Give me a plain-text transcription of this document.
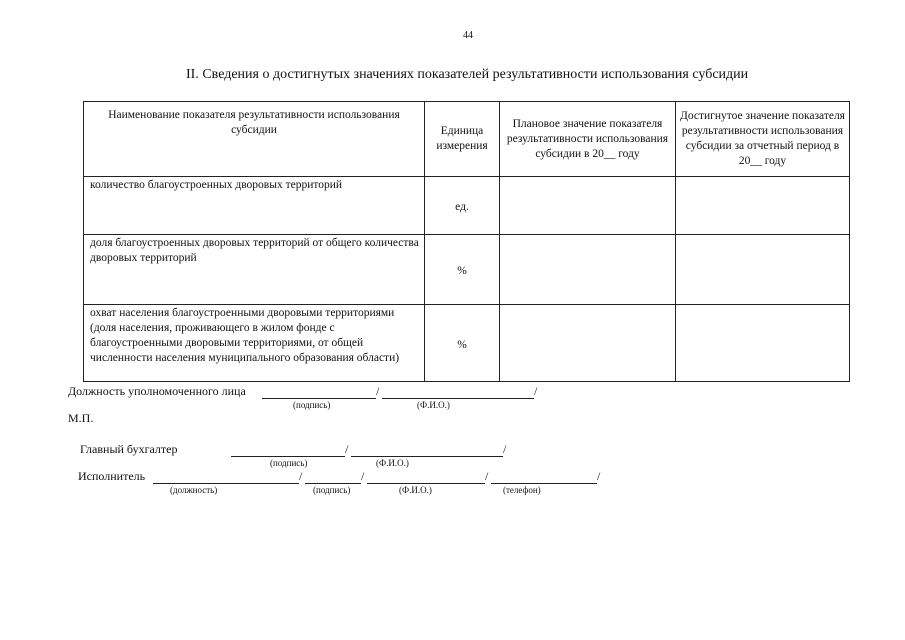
44
II. Сведения о достигнутых значениях показателей результативности использования субсидии
Наименование показателя результативности использования субсидии	Единица измерения	Плановое значение показателя результативности использования субсидии в 20__ году	Достигнутое значение показателя результативности использования субсидии за отчетный период в 20__ году
количество благоустроенных дворовых территорий	ед.		
доля благоустроенных дворовых территорий от общего количества дворовых территорий	%		
охват населения благоустроенными дворовыми территориями (доля населения, проживающего в жилом фонде с благоустроенными дворовыми территориями, от общей численности населения муниципального образования области)	%		
Должность уполномоченного лица	/	/
(подпись)	(Ф.И.О.)
М.П.
Главный бухгалтер	/	/
(подпись)	(Ф.И.О.)
Исполнитель	/	/	/	/
(должность)	(подпись)	(Ф.И.О.)	(телефон)
